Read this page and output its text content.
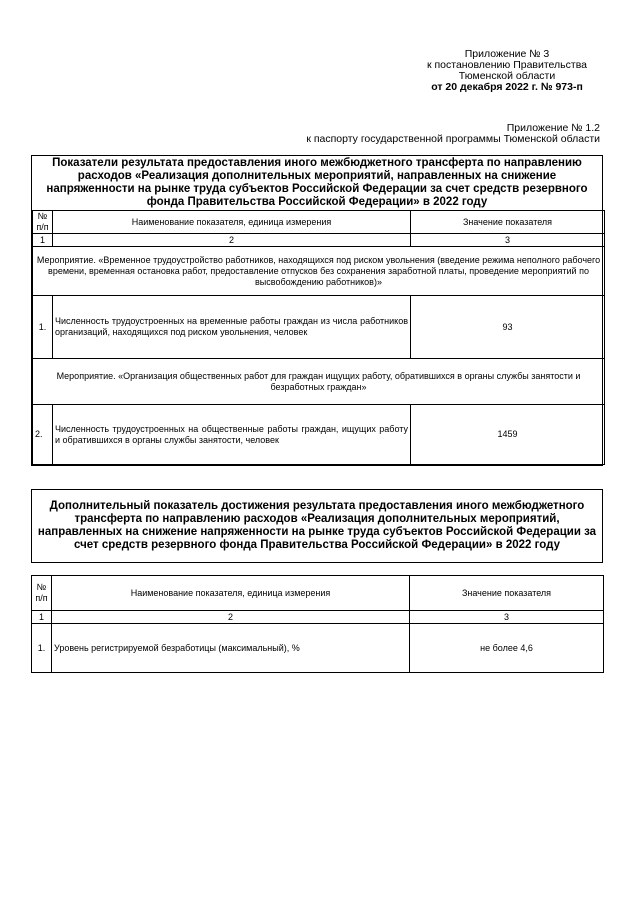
Приложение № 3
к постановлению Правительства
Тюменской области
от 20 декабря 2022 г. № 973-п
Приложение № 1.2
к паспорту государственной программы Тюменской области
Показатели результата предоставления иного межбюджетного трансферта по направлению расходов «Реализация дополнительных мероприятий, направленных на снижение напряженности на рынке труда субъектов Российской Федерации за счет средств резервного фонда Правительства Российской Федерации» в 2022 году
№ п/п	Наименование показателя, единица измерения	Значение показателя
1	2	3
Мероприятие. «Временное трудоустройство работников, находящихся под риском увольнения (введение режима неполного рабочего времени, временная остановка работ, предоставление отпусков без сохранения заработной платы, проведение мероприятий по высвобождению работников)»		
1.	Численность трудоустроенных на временные работы граждан из числа работников организаций, находящихся под риском увольнения, человек	93
Мероприятие. «Организация общественных работ для граждан ищущих работу, обратившихся в органы службы занятости и безработных граждан»		
2.	Численность трудоустроенных на общественные работы граждан, ищущих работу и обратившихся в органы службы занятости, человек	1459
Дополнительный показатель достижения результата предоставления иного межбюджетного трансферта по направлению расходов «Реализация дополнительных мероприятий, направленных на снижение напряженности на рынке труда субъектов Российской Федерации за счет средств резервного фонда Правительства Российской Федерации» в 2022 году
№ п/п	Наименование показателя, единица измерения	Значение показателя
1	2	3
1.	Уровень регистрируемой безработицы (максимальный), %	не более 4,6
